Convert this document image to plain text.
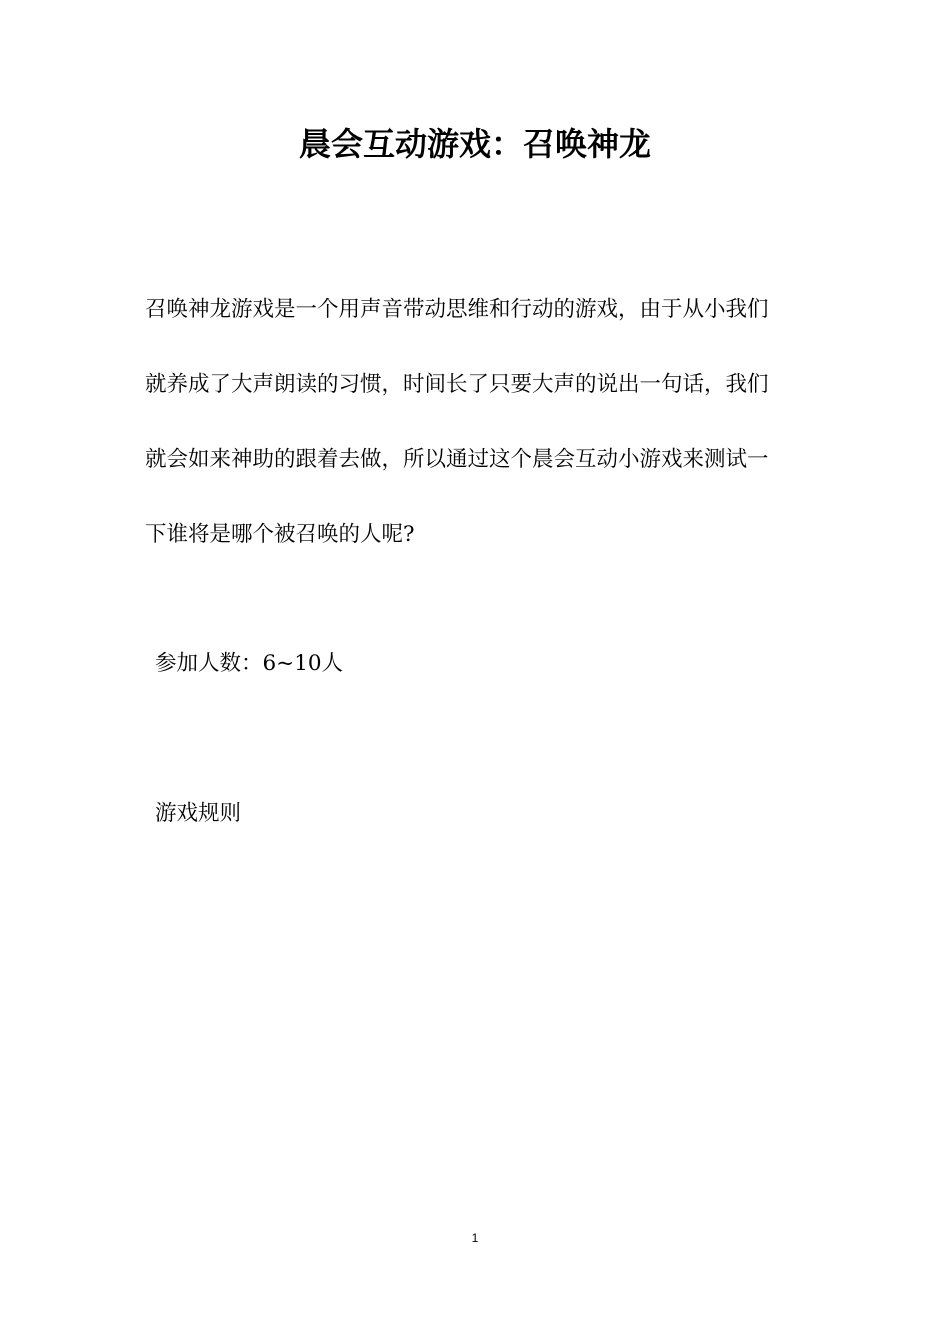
晨会互动游戏：召唤神龙

召唤神龙游戏是一个用声音带动思维和行动的游戏，由于从小我们
就养成了大声朗读的习惯，时间长了只要大声的说出一句话，我们
就会如来神助的跟着去做，所以通过这个晨会互动小游戏来测试一
下谁将是哪个被召唤的人呢?

参加人数：6~10人

游戏规则

1
